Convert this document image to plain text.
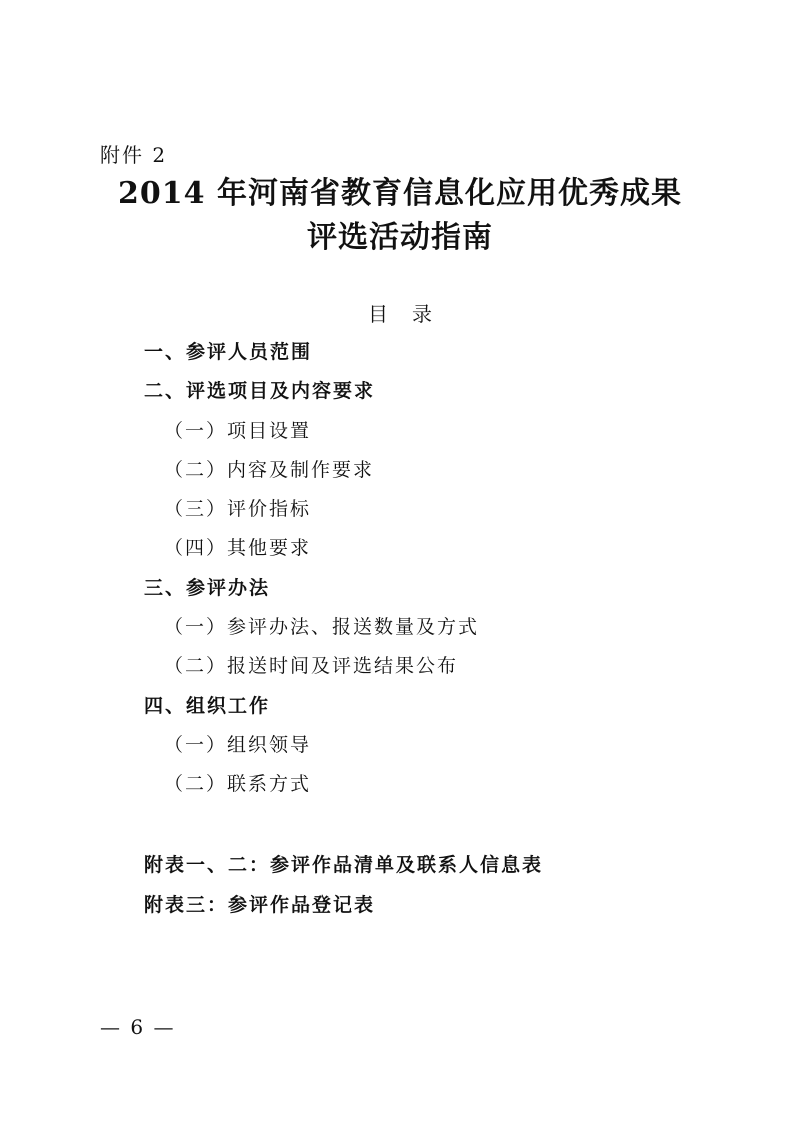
附件 2
2014 年河南省教育信息化应用优秀成果
评选活动指南
目录
一、参评人员范围
二、评选项目及内容要求
（一）项目设置
（二）内容及制作要求
（三）评价指标
（四）其他要求
三、参评办法
（一）参评办法、报送数量及方式
（二）报送时间及评选结果公布
四、组织工作
（一）组织领导
（二）联系方式
附表一、二：参评作品清单及联系人信息表
附表三：参评作品登记表
— 6 —
